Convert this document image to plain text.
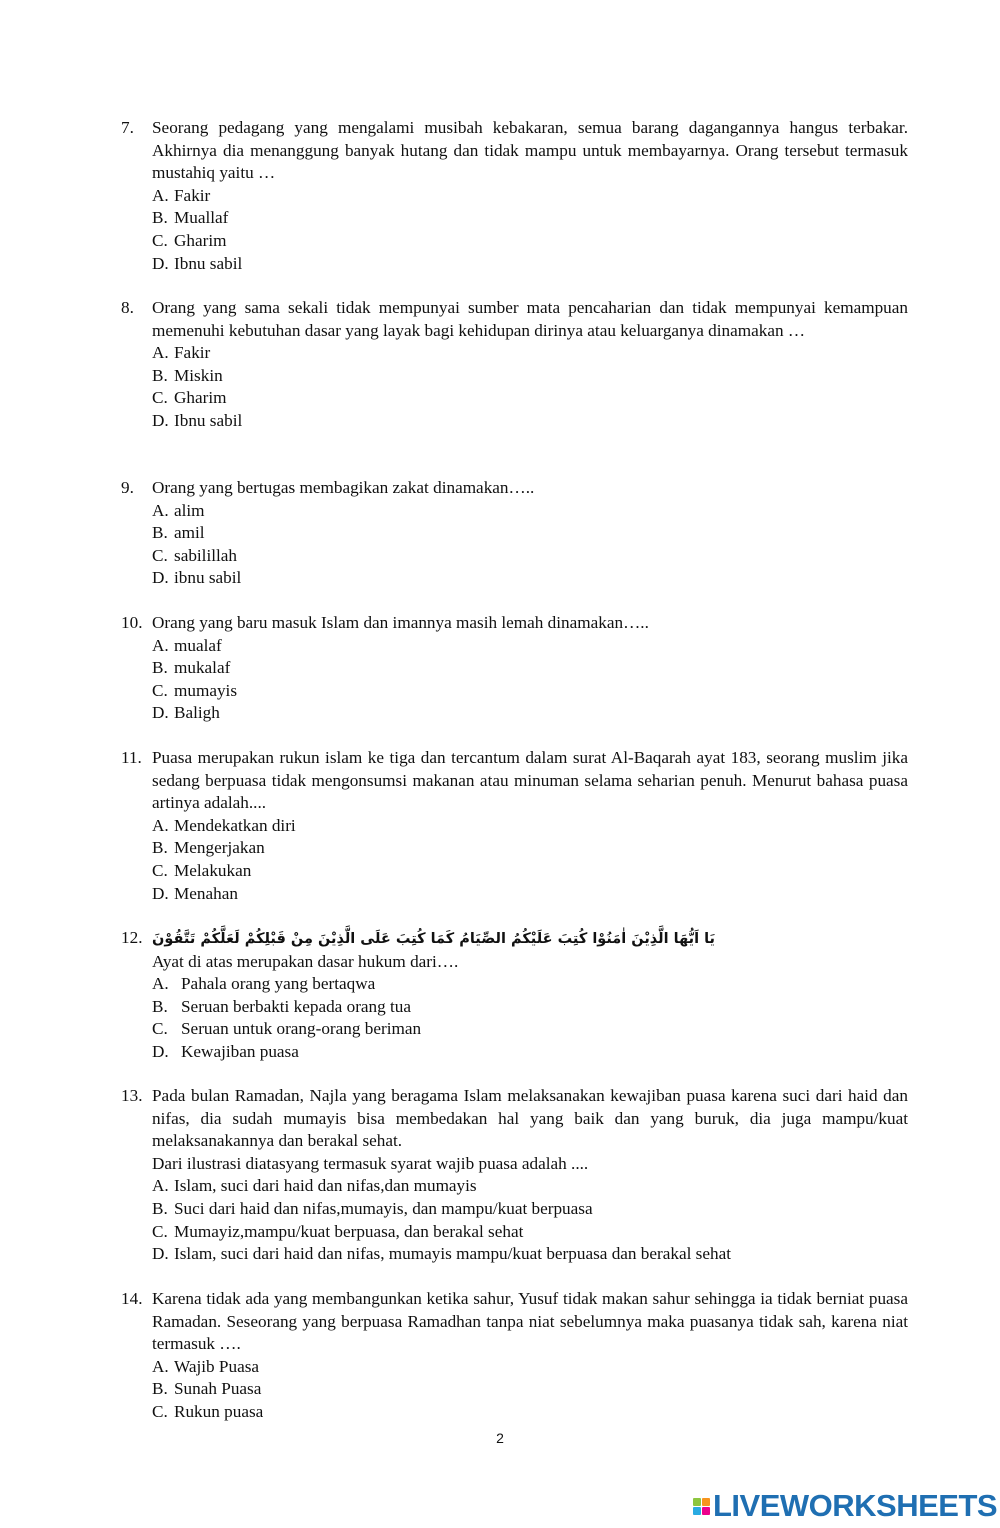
7.	Seorang pedagang yang mengalami musibah kebakaran, semua barang dagangannya hangus terbakar. Akhirnya dia menanggung banyak hutang dan tidak mampu untuk membayarnya. Orang tersebut termasuk mustahiq yaitu …

A. Fakir
B. Muallaf
C. Gharim
D. Ibnu sabil
8.	Orang yang sama sekali tidak mempunyai sumber mata pencaharian dan tidak mempunyai kemampuan memenuhi kebutuhan dasar yang layak bagi kehidupan dirinya atau keluarganya dinamakan …

A. Fakir
B. Miskin
C. Gharim
D. Ibnu sabil
9.	Orang yang bertugas membagikan zakat dinamakan…..

A. alim
B. amil
C. sabilillah
D. ibnu sabil
10. Orang yang baru masuk Islam dan imannya masih lemah dinamakan…..

A. mualaf
B. mukalaf
C. mumayis
D. Baligh
11. Puasa merupakan rukun islam ke tiga dan tercantum dalam surat Al-Baqarah ayat 183, seorang muslim jika sedang berpuasa tidak mengonsumsi makanan atau minuman selama seharian penuh. Menurut bahasa puasa artinya adalah....

A. Mendekatkan diri
B. Mengerjakan
C. Melakukan
D. Menahan
12. يَا اَيُّهَا الَّذِيْنَ اٰمَنُوْا كُتِبَ عَلَيْكُمُ الصِّيَامُ كَمَا كُتِبَ عَلَى الَّذِيْنَ مِنْ قَبْلِكُمْ لَعَلَّكُمْ تَتَّقُوْنَ

Ayat di atas merupakan dasar hukum dari….

A. Pahala orang yang bertaqwa
B. Seruan berbakti kepada orang tua
C. Seruan untuk orang-orang beriman
D. Kewajiban puasa
13. Pada bulan Ramadan, Najla yang beragama Islam melaksanakan kewajiban puasa karena suci dari haid dan nifas, dia sudah mumayis bisa membedakan hal yang baik dan yang buruk, dia juga mampu/kuat melaksanakannya dan berakal sehat.

Dari ilustrasi diatasyang termasuk syarat wajib puasa adalah ....

A. Islam, suci dari haid dan nifas,dan mumayis
B. Suci dari haid dan nifas,mumayis, dan mampu/kuat berpuasa
C. Mumayiz,mampu/kuat berpuasa, dan berakal sehat
D. Islam, suci dari haid dan nifas, mumayis mampu/kuat berpuasa dan berakal sehat
14. Karena tidak ada yang membangunkan ketika sahur, Yusuf tidak makan sahur sehingga ia tidak berniat puasa Ramadan. Seseorang yang berpuasa Ramadhan tanpa niat sebelumnya maka puasanya tidak sah, karena niat termasuk ….

A. Wajib Puasa
B. Sunah Puasa
C. Rukun puasa
2
LIVEWORKSHEETS
